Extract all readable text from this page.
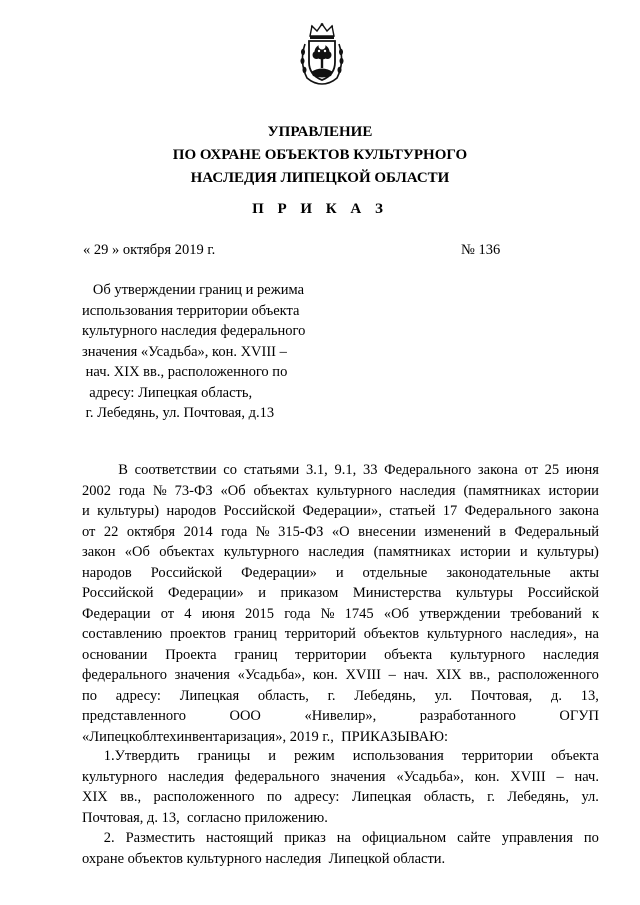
УПРАВЛЕНИЕ
ПО ОХРАНЕ ОБЪЕКТОВ КУЛЬТУРНОГО
НАСЛЕДИЯ ЛИПЕЦКОЙ ОБЛАСТИ
П Р И К А З
« 29 » октября 2019 г.	№ 136
Об утверждении границ и режима
использования территории объекта
культурного наследия федерального
значения «Усадьба», кон. XVIII –
нач. XIX вв., расположенного по
адресу: Липецкая область,
г. Лебедянь, ул. Почтовая, д.13
В соответствии со статьями 3.1, 9.1, 33 Федерального закона от 25 июня
2002 года № 73-ФЗ «Об объектах культурного наследия (памятниках истории
и культуры) народов Российской Федерации», статьей 17 Федерального закона
от 22 октября 2014 года № 315-ФЗ «О внесении изменений в Федеральный
закон «Об объектах культурного наследия (памятниках истории и культуры)
народов Российской Федерации» и отдельные законодательные акты
Российской Федерации» и приказом Министерства культуры Российской
Федерации от 4 июня 2015 года № 1745 «Об утверждении требований к
составлению проектов границ территорий объектов культурного наследия», на
основании Проекта границ территории объекта культурного наследия
федерального значения «Усадьба», кон. XVIII – нач. XIX вв., расположенного
по адресу: Липецкая область, г. Лебедянь, ул. Почтовая, д. 13,
представленного	ООО	«Нивелир»,	разработанного	ОГУП
«Липецкоблтехинвентаризация», 2019 г.,  ПРИКАЗЫВАЮ:
1.Утвердить границы и режим использования территории объекта
культурного наследия федерального значения «Усадьба», кон. XVIII – нач.
XIX вв., расположенного по адресу: Липецкая область, г. Лебедянь, ул.
Почтовая, д. 13,  согласно приложению.
2. Разместить настоящий приказ на официальном сайте управления по
охране объектов культурного наследия  Липецкой области.
